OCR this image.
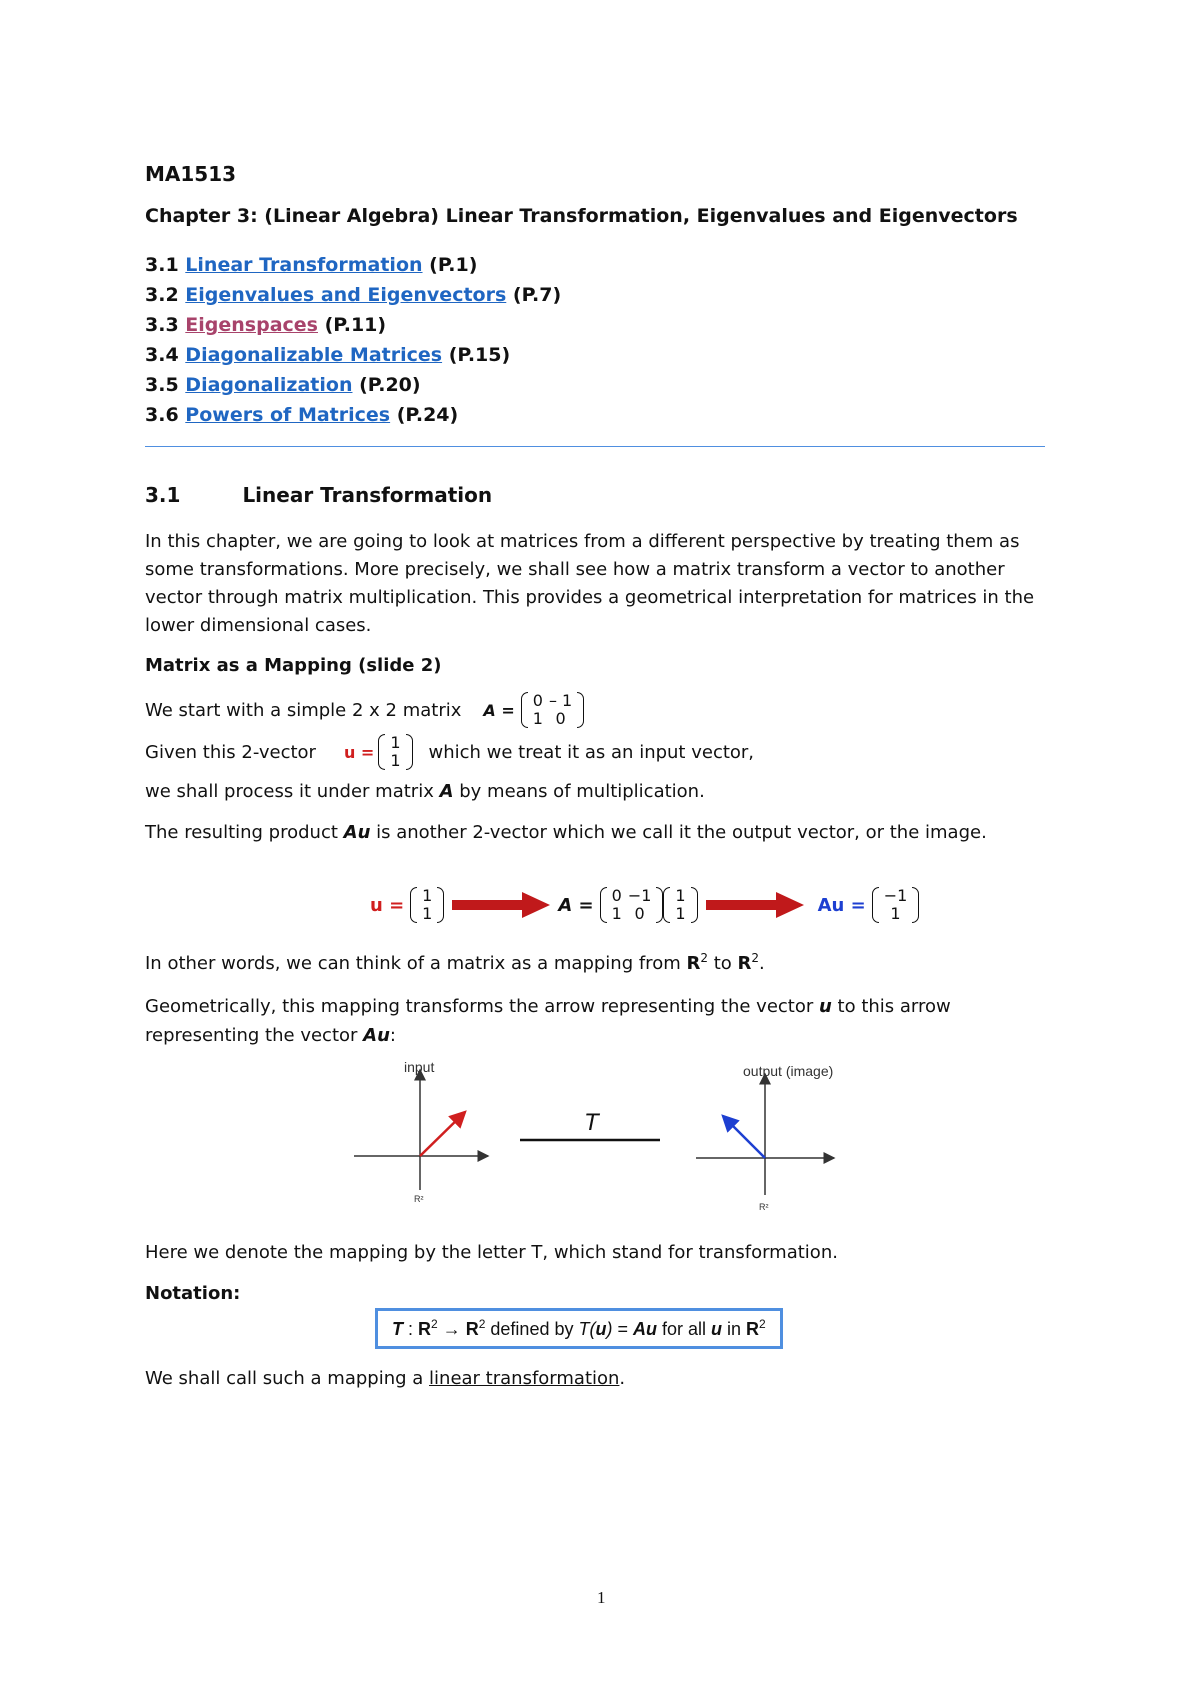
MA1513
Chapter 3: (Linear Algebra) Linear Transformation, Eigenvalues and Eigenvectors
3.1 Linear Transformation (P.1)
3.2 Eigenvalues and Eigenvectors (P.7)
3.3 Eigenspaces (P.11)
3.4 Diagonalizable Matrices (P.15)
3.5 Diagonalization (P.20)
3.6 Powers of Matrices (P.24)
3.1	Linear Transformation
In this chapter, we are going to look at matrices from a different perspective by treating them as
some transformations. More precisely, we shall see how a matrix transform a vector to another
vector through matrix multiplication. This provides a geometrical interpretation for matrices in the
lower dimensional cases.
Matrix as a Mapping (slide 2)
We start with a simple 2 x 2 matrix A = 0	– 1
1	0
Given this 2-vector u = 1
1 which we treat it as an input vector,
we shall process it under matrix A by means of multiplication.
The resulting product Au is another 2-vector which we call it the output vector, or the image.
u = 1
1	A = 0	−1
1	0
1
1	Au = −1
1
In other words, we can think of a matrix as a mapping from $R^2$ to $R^2$.
Geometrically, this mapping transforms the arrow representing the vector u to this arrow
representing the vector Au:
input
R²
T
output (image)
R²
Here we denote the mapping by the letter T, which stand for transformation.
Notation:
T : $R^2 \to R^2$ defined by T(u) = Au for all u in $R^2$
We shall call such a mapping a linear transformation.
1
